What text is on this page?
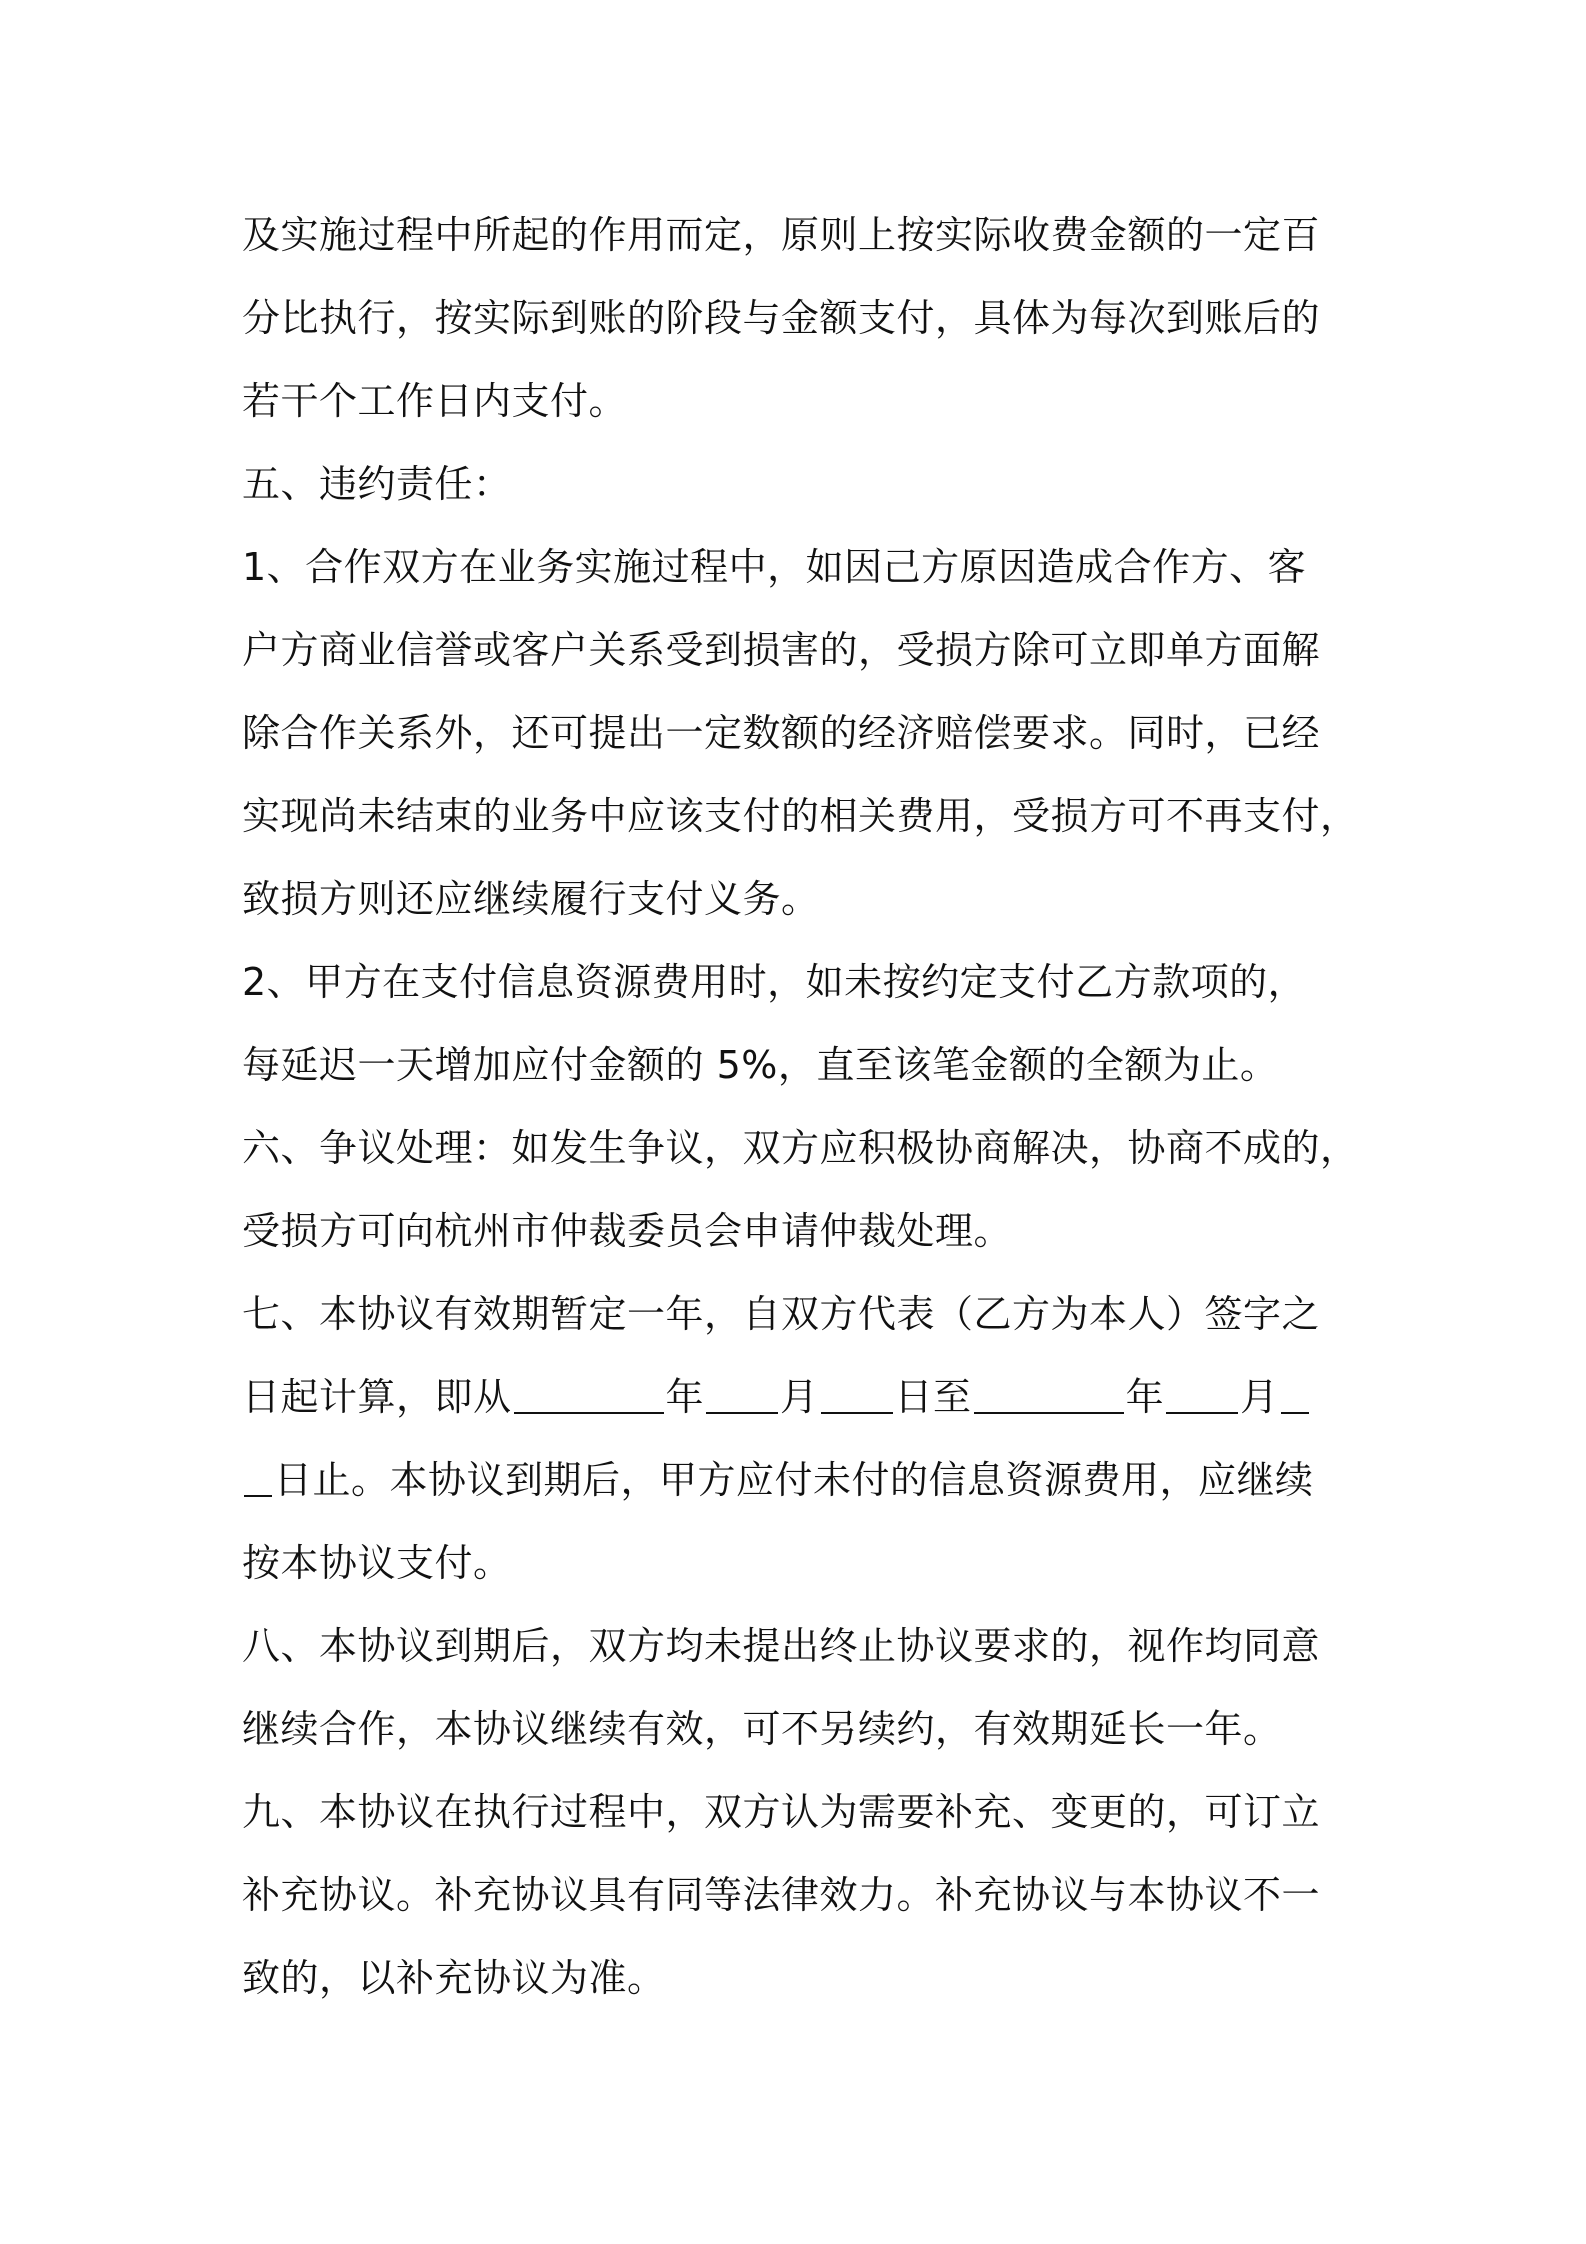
及实施过程中所起的作用而定，原则上按实际收费金额的一定百
分比执行，按实际到账的阶段与金额支付，具体为每次到账后的
若干个工作日内支付。
五、违约责任：
1、合作双方在业务实施过程中，如因己方原因造成合作方、客
户方商业信誉或客户关系受到损害的，受损方除可立即单方面解
除合作关系外，还可提出一定数额的经济赔偿要求。同时，已经
实现尚未结束的业务中应该支付的相关费用，受损方可不再支付，
致损方则还应继续履行支付义务。
2、甲方在支付信息资源费用时，如未按约定支付乙方款项的，
每延迟一天增加应付金额的 5%，直至该笔金额的全额为止。
六、争议处理：如发生争议，双方应积极协商解决，协商不成的，
受损方可向杭州市仲裁委员会申请仲裁处理。
七、本协议有效期暂定一年，自双方代表（乙方为本人）签字之
日起计算，即从	年 月 日至	年 月
日止。本协议到期后，甲方应付未付的信息资源费用，应继续
按本协议支付。
八、本协议到期后，双方均未提出终止协议要求的，视作均同意
继续合作，本协议继续有效，可不另续约，有效期延长一年。
九、本协议在执行过程中，双方认为需要补充、变更的，可订立
补充协议。补充协议具有同等法律效力。补充协议与本协议不一
致的，以补充协议为准。
